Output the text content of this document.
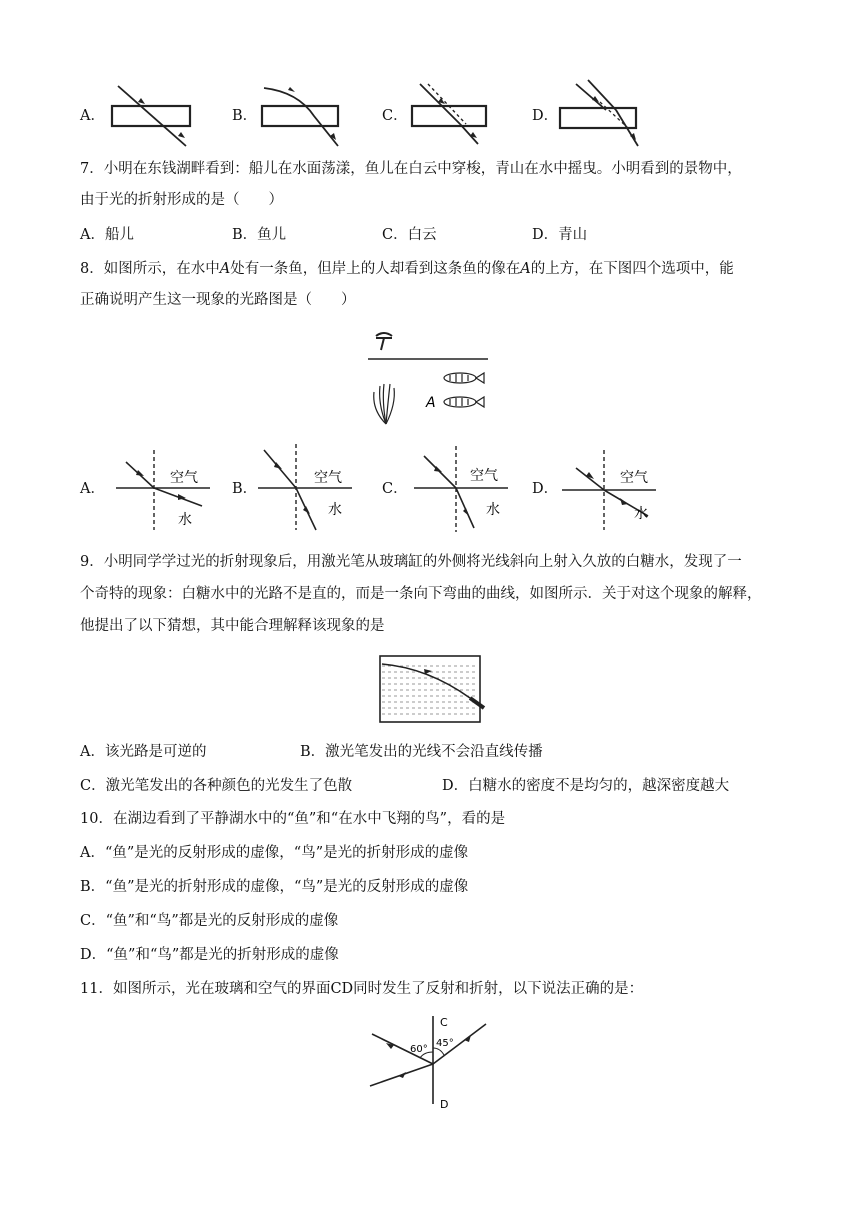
A．	B．	C．	D．
7．小明在东钱湖畔看到：船儿在水面荡漾，鱼儿在白云中穿梭，青山在水中摇曳。小明看到的景物中，
由于光的折射形成的是（　　）
A．船儿	B．鱼儿	C．白云	D．青山
8．如图所示，在水中A处有一条鱼，但岸上的人却看到这条鱼的像在A的上方，在下图四个选项中，能
正确说明产生这一现象的光路图是（　　）
A
A．
空气
水
B．
空气
水
C．
空气
水
D．
空气
水
9．小明同学学过光的折射现象后，用激光笔从玻璃缸的外侧将光线斜向上射入久放的白糖水，发现了一
个奇特的现象：白糖水中的光路不是直的，而是一条向下弯曲的曲线，如图所示．关于对这个现象的解释，
他提出了以下猜想，其中能合理解释该现象的是
A．该光路是可逆的	B．激光笔发出的光线不会沿直线传播
C．激光笔发出的各种颜色的光发生了色散	D．白糖水的密度不是均匀的，越深密度越大
10．在湖边看到了平静湖水中的“鱼”和“在水中飞翔的鸟”，看的是
A．“鱼”是光的反射形成的虚像，“鸟”是光的折射形成的虚像
B．“鱼”是光的折射形成的虚像，“鸟”是光的反射形成的虚像
C．“鱼”和“鸟”都是光的反射形成的虚像
D．“鱼”和“鸟”都是光的折射形成的虚像
11．如图所示，光在玻璃和空气的界面CD同时发生了反射和折射，以下说法正确的是：
C
D
60°
45°
